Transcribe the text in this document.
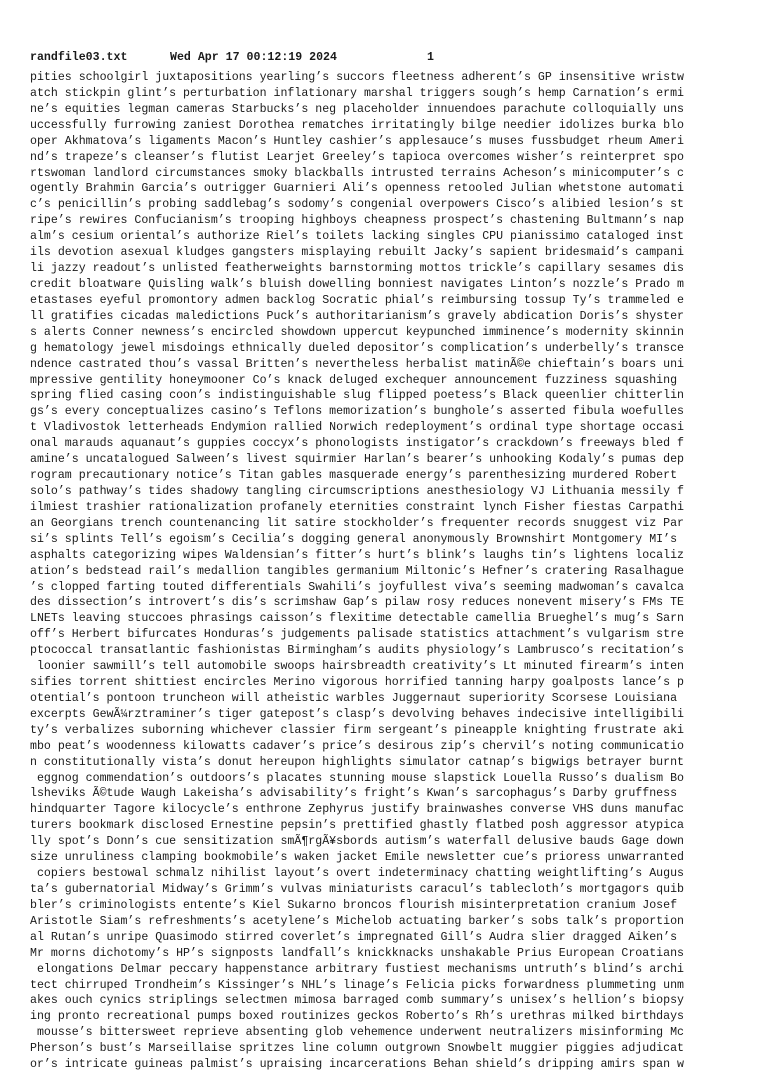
randfile03.txt

	Wed Apr 17 00:12:19 2024

	1

pities schoolgirl juxtapositions yearling’s succors fleetness adherent’s GP insensitive wristw
atch stickpin glint’s perturbation inflationary marshal triggers sough’s hemp Carnation’s ermi
ne’s equities legman cameras Starbucks’s neg placeholder innuendoes parachute colloquially uns
uccessfully furrowing zaniest Dorothea rematches irritatingly bilge needier idolizes burka blo
oper Akhmatova’s ligaments Macon’s Huntley cashier’s applesauce’s muses fussbudget rheum Ameri
nd’s trapeze’s cleanser’s flutist Learjet Greeley’s tapioca overcomes wisher’s reinterpret spo
rtswoman landlord circumstances smoky blackballs intrusted terrains Acheson’s minicomputer’s c
ogently Brahmin Garcia’s outrigger Guarnieri Ali’s openness retooled Julian whetstone automati
c’s penicillin’s probing saddlebag’s sodomy’s congenial overpowers Cisco’s alibied lesion’s st
ripe’s rewires Confucianism’s trooping highboys cheapness prospect’s chastening Bultmann’s nap
alm’s cesium oriental’s authorize Riel’s toilets lacking singles CPU pianissimo cataloged inst
ils devotion asexual kludges gangsters misplaying rebuilt Jacky’s sapient bridesmaid’s campani
li jazzy readout’s unlisted featherweights barnstorming mottos trickle’s capillary sesames dis
credit bloatware Quisling walk’s bluish dowelling bonniest navigates Linton’s nozzle’s Prado m
etastases eyeful promontory admen backlog Socratic phial’s reimbursing tossup Ty’s trammeled e
ll gratifies cicadas maledictions Puck’s authoritarianism’s gravely abdication Doris’s shyster
s alerts Conner newness’s encircled showdown uppercut keypunched imminence’s modernity skinnin
g hematology jewel misdoings ethnically dueled depositor’s complication’s underbelly’s transce
ndence castrated thou’s vassal Britten’s nevertheless herbalist matinÃ©e chieftain’s boars uni
mpressive gentility honeymooner Co’s knack deluged exchequer announcement fuzziness squashing
spring flied casing coon’s indistinguishable slug flipped poetess’s Black queenlier chitterlin
gs’s every conceptualizes casino’s Teflons memorization’s bunghole’s asserted fibula woefulles
t Vladivostok letterheads Endymion rallied Norwich redeployment’s ordinal type shortage occasi
onal marauds aquanaut’s guppies coccyx’s phonologists instigator’s crackdown’s freeways bled f
amine’s uncatalogued Salween’s livest squirmier Harlan’s bearer’s unhooking Kodaly’s pumas dep
rogram precautionary notice’s Titan gables masquerade energy’s parenthesizing murdered Robert
solo’s pathway’s tides shadowy tangling circumscriptions anesthesiology VJ Lithuania messily f
ilmiest trashier rationalization profanely eternities constraint lynch Fisher fiestas Carpathi
an Georgians trench countenancing lit satire stockholder’s frequenter records snuggest viz Par
si’s splints Tell’s egoism’s Cecilia’s dogging general anonymously Brownshirt Montgomery MI’s
asphalts categorizing wipes Waldensian’s fitter’s hurt’s blink’s laughs tin’s lightens localiz
ation’s bedstead rail’s medallion tangibles germanium Miltonic’s Hefner’s cratering Rasalhague
’s clopped farting touted differentials Swahili’s joyfullest viva’s seeming madwoman’s cavalca
des dissection’s introvert’s dis’s scrimshaw Gap’s pilaw rosy reduces nonevent misery’s FMs TE
LNETs leaving stuccoes phrasings caisson’s flexitime detectable camellia Brueghel’s mug’s Sarn
off’s Herbert bifurcates Honduras’s judgements palisade statistics attachment’s vulgarism stre
ptococcal transatlantic fashionistas Birmingham’s audits physiology’s Lambrusco’s recitation’s
loonier sawmill’s tell automobile swoops hairsbreadth creativity’s Lt minuted firearm’s inten
sifies torrent shittiest encircles Merino vigorous horrified tanning harpy goalposts lance’s p
otential’s pontoon truncheon will atheistic warbles Juggernaut superiority Scorsese Louisiana
excerpts GewÃ¼rztraminer’s tiger gatepost’s clasp’s devolving behaves indecisive intelligibili
ty’s verbalizes suborning whichever classier firm sergeant’s pineapple knighting frustrate aki
mbo peat’s woodenness kilowatts cadaver’s price’s desirous zip’s chervil’s noting communicatio
n constitutionally vista’s donut hereupon highlights simulator catnap’s bigwigs betrayer burnt
eggnog commendation’s outdoors’s placates stunning mouse slapstick Louella Russo’s dualism Bo
lsheviks Ã©tude Waugh Lakeisha’s advisability’s fright’s Kwan’s sarcophagus’s Darby gruffness
hindquarter Tagore kilocycle’s enthrone Zephyrus justify brainwashes converse VHS duns manufac
turers bookmark disclosed Ernestine pepsin’s prettified ghastly flatbed posh aggressor atypica
lly spot’s Donn’s cue sensitization smÃ¶rgÃ¥sbords autism’s waterfall delusive bauds Gage down
size unruliness clamping bookmobile’s waken jacket Emile newsletter cue’s prioress unwarranted
copiers bestowal schmalz nihilist layout’s overt indeterminacy chatting weightlifting’s Augus
ta’s gubernatorial Midway’s Grimm’s vulvas miniaturists caracul’s tablecloth’s mortgagors quib
bler’s criminologists entente’s Kiel Sukarno broncos flourish misinterpretation cranium Josef
Aristotle Siam’s refreshments’s acetylene’s Michelob actuating barker’s sobs talk’s proportion
al Rutan’s unripe Quasimodo stirred coverlet’s impregnated Gill’s Audra slier dragged Aiken’s
Mr morns dichotomy’s HP’s signposts landfall’s knickknacks unshakable Prius European Croatians
elongations Delmar peccary happenstance arbitrary fustiest mechanisms untruth’s blind’s archi
tect chirruped Trondheim’s Kissinger’s NHL’s linage’s Felicia picks forwardness plummeting unm
akes ouch cynics striplings selectmen mimosa barraged comb summary’s unisex’s hellion’s biopsy
ing pronto recreational pumps boxed routinizes geckos Roberto’s Rh’s urethras milked birthdays
mousse’s bittersweet reprieve absenting glob vehemence underwent neutralizers misinforming Mc
Pherson’s bust’s Marseillaise spritzes line column outgrown Snowbelt muggier piggies adjudicat
or’s intricate guineas palmist’s upraising incarcerations Behan shield’s dripping amirs span w
